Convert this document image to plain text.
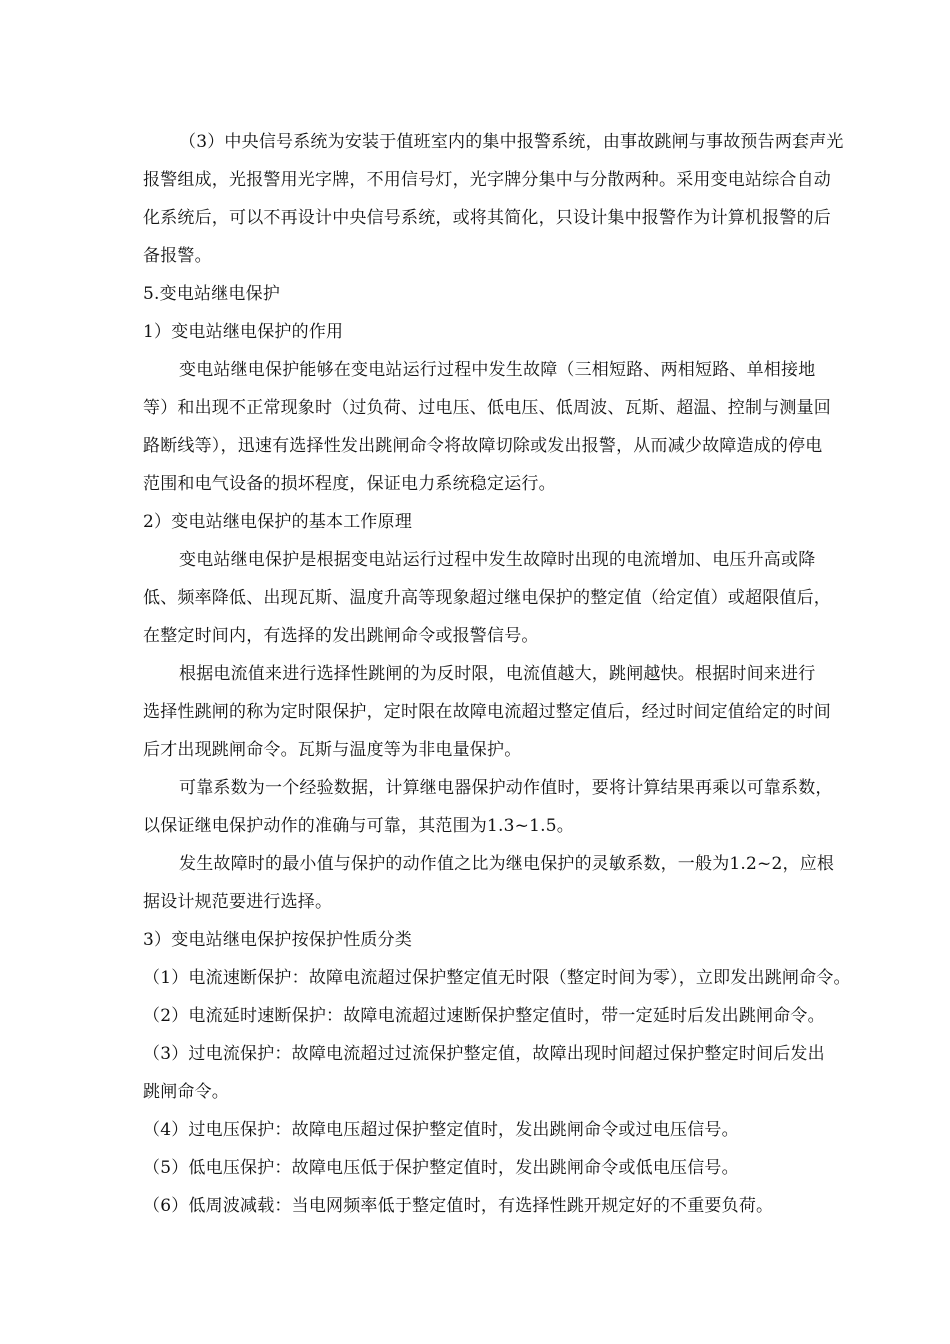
（3）中央信号系统为安装于值班室内的集中报警系统，由事故跳闸与事故预告两套声光
报警组成，光报警用光字牌，不用信号灯，光字牌分集中与分散两种。采用变电站综合自动
化系统后，可以不再设计中央信号系统，或将其简化，只设计集中报警作为计算机报警的后
备报警。
5.变电站继电保护
1）变电站继电保护的作用
变电站继电保护能够在变电站运行过程中发生故障（三相短路、两相短路、单相接地
等）和出现不正常现象时（过负荷、过电压、低电压、低周波、瓦斯、超温、控制与测量回
路断线等），迅速有选择性发出跳闸命令将故障切除或发出报警，从而减少故障造成的停电
范围和电气设备的损坏程度，保证电力系统稳定运行。
2）变电站继电保护的基本工作原理
变电站继电保护是根据变电站运行过程中发生故障时出现的电流增加、电压升高或降
低、频率降低、出现瓦斯、温度升高等现象超过继电保护的整定值（给定值）或超限值后，
在整定时间内，有选择的发出跳闸命令或报警信号。
根据电流值来进行选择性跳闸的为反时限，电流值越大，跳闸越快。根据时间来进行
选择性跳闸的称为定时限保护，定时限在故障电流超过整定值后，经过时间定值给定的时间
后才出现跳闸命令。瓦斯与温度等为非电量保护。
可靠系数为一个经验数据，计算继电器保护动作值时，要将计算结果再乘以可靠系数，
以保证继电保护动作的准确与可靠，其范围为1.3~1.5。
发生故障时的最小值与保护的动作值之比为继电保护的灵敏系数，一般为1.2~2，应根
据设计规范要进行选择。
3）变电站继电保护按保护性质分类
（1）电流速断保护：故障电流超过保护整定值无时限（整定时间为零），立即发出跳闸命令。
（2）电流延时速断保护：故障电流超过速断保护整定值时，带一定延时后发出跳闸命令。
（3）过电流保护：故障电流超过过流保护整定值，故障出现时间超过保护整定时间后发出
跳闸命令。
（4）过电压保护：故障电压超过保护整定值时，发出跳闸命令或过电压信号。
（5）低电压保护：故障电压低于保护整定值时，发出跳闸命令或低电压信号。
（6）低周波减载：当电网频率低于整定值时，有选择性跳开规定好的不重要负荷。
